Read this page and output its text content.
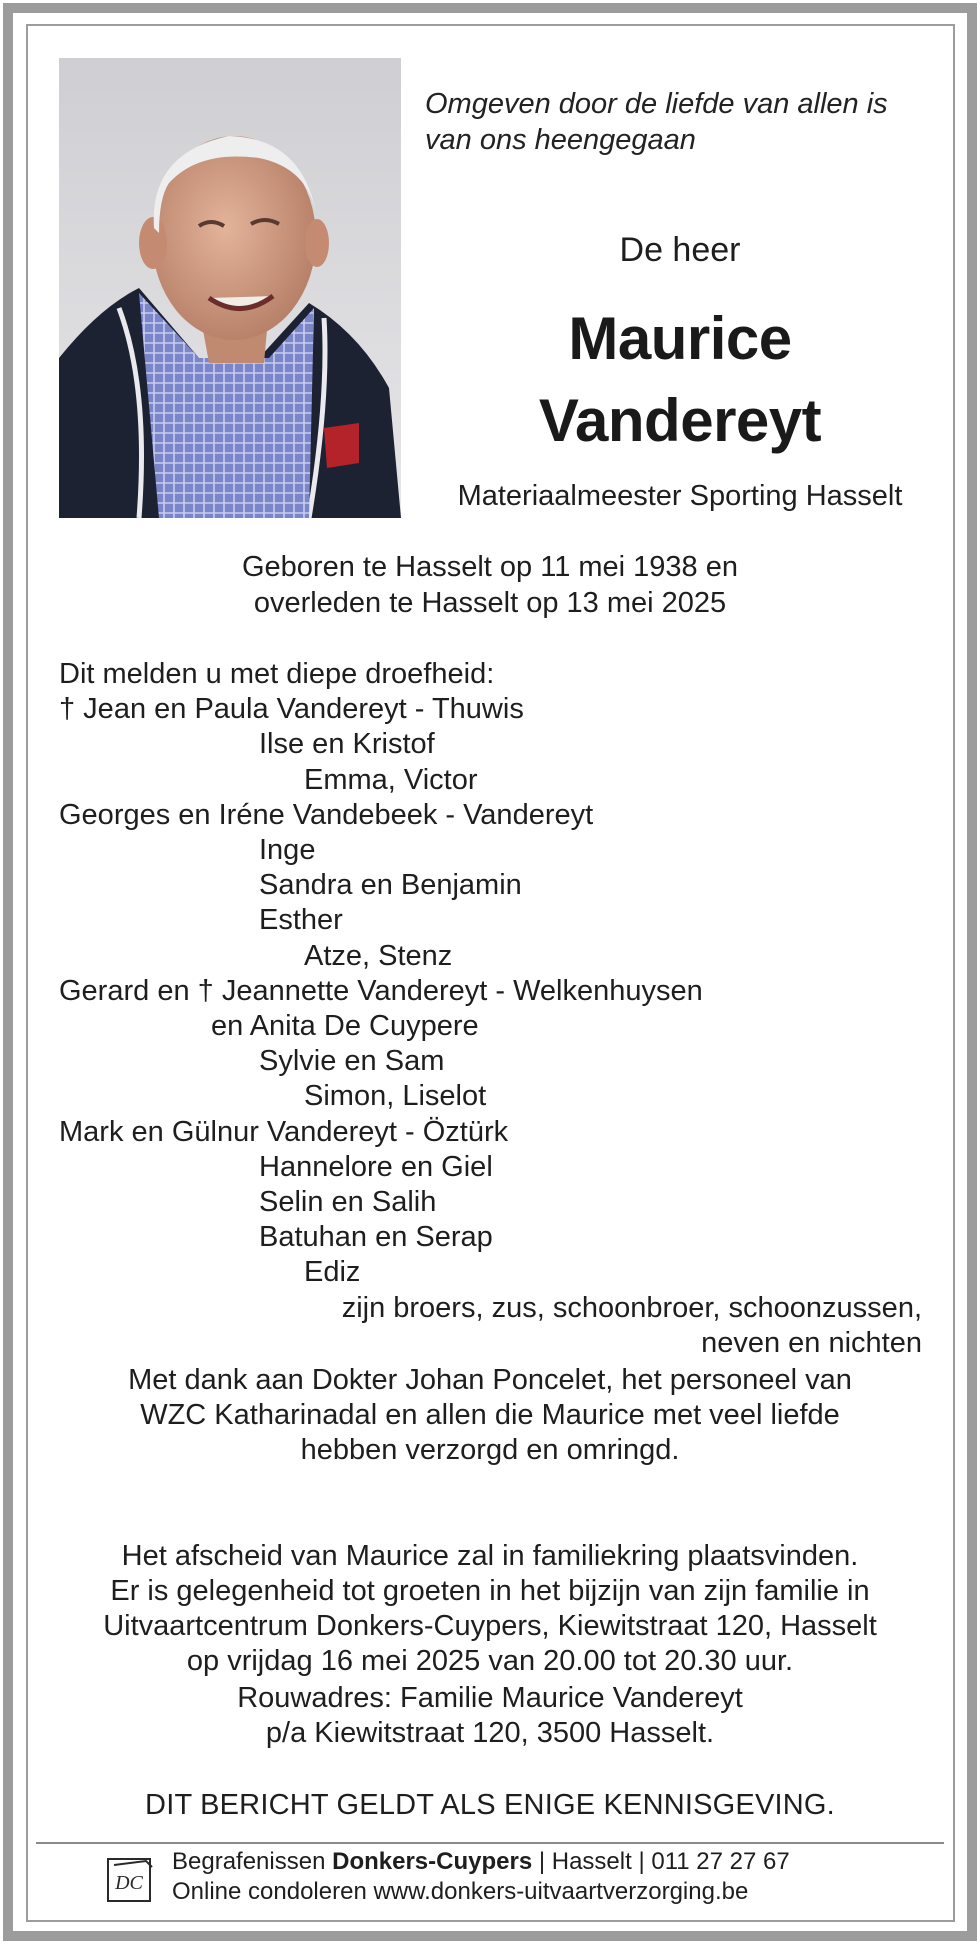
Omgeven door de liefde van allen is
van ons heengegaan
De heer
Maurice
Vandereyt
Materiaalmeester Sporting Hasselt
Geboren te Hasselt op 11 mei 1938 en
overleden te Hasselt op 13 mei 2025
Dit melden u met diepe droefheid:
† Jean en Paula Vandereyt - Thuwis
Ilse en Kristof
Emma, Victor
Georges en Iréne Vandebeek - Vandereyt
Inge
Sandra en Benjamin
Esther
Atze, Stenz
Gerard en † Jeannette Vandereyt - Welkenhuysen
en Anita De Cuypere
Sylvie en Sam
Simon, Liselot
Mark en Gülnur Vandereyt - Öztürk
Hannelore en Giel
Selin en Salih
Batuhan en Serap
Ediz
zijn broers, zus, schoonbroer, schoonzussen,
neven en nichten
Met dank aan Dokter Johan Poncelet, het personeel van
WZC Katharinadal en allen die Maurice met veel liefde
hebben verzorgd en omringd.
Het afscheid van Maurice zal in familiekring plaatsvinden.
Er is gelegenheid tot groeten in het bijzijn van zijn familie in
Uitvaartcentrum Donkers-Cuypers, Kiewitstraat 120, Hasselt
op vrijdag 16 mei 2025 van 20.00 tot 20.30 uur.
Rouwadres: Familie Maurice Vandereyt
p/a Kiewitstraat 120, 3500 Hasselt.
DIT BERICHT GELDT ALS ENIGE KENNISGEVING.
DC
Begrafenissen Donkers-Cuypers | Hasselt | 011 27 27 67
Online condoleren www.donkers-uitvaartverzorging.be
